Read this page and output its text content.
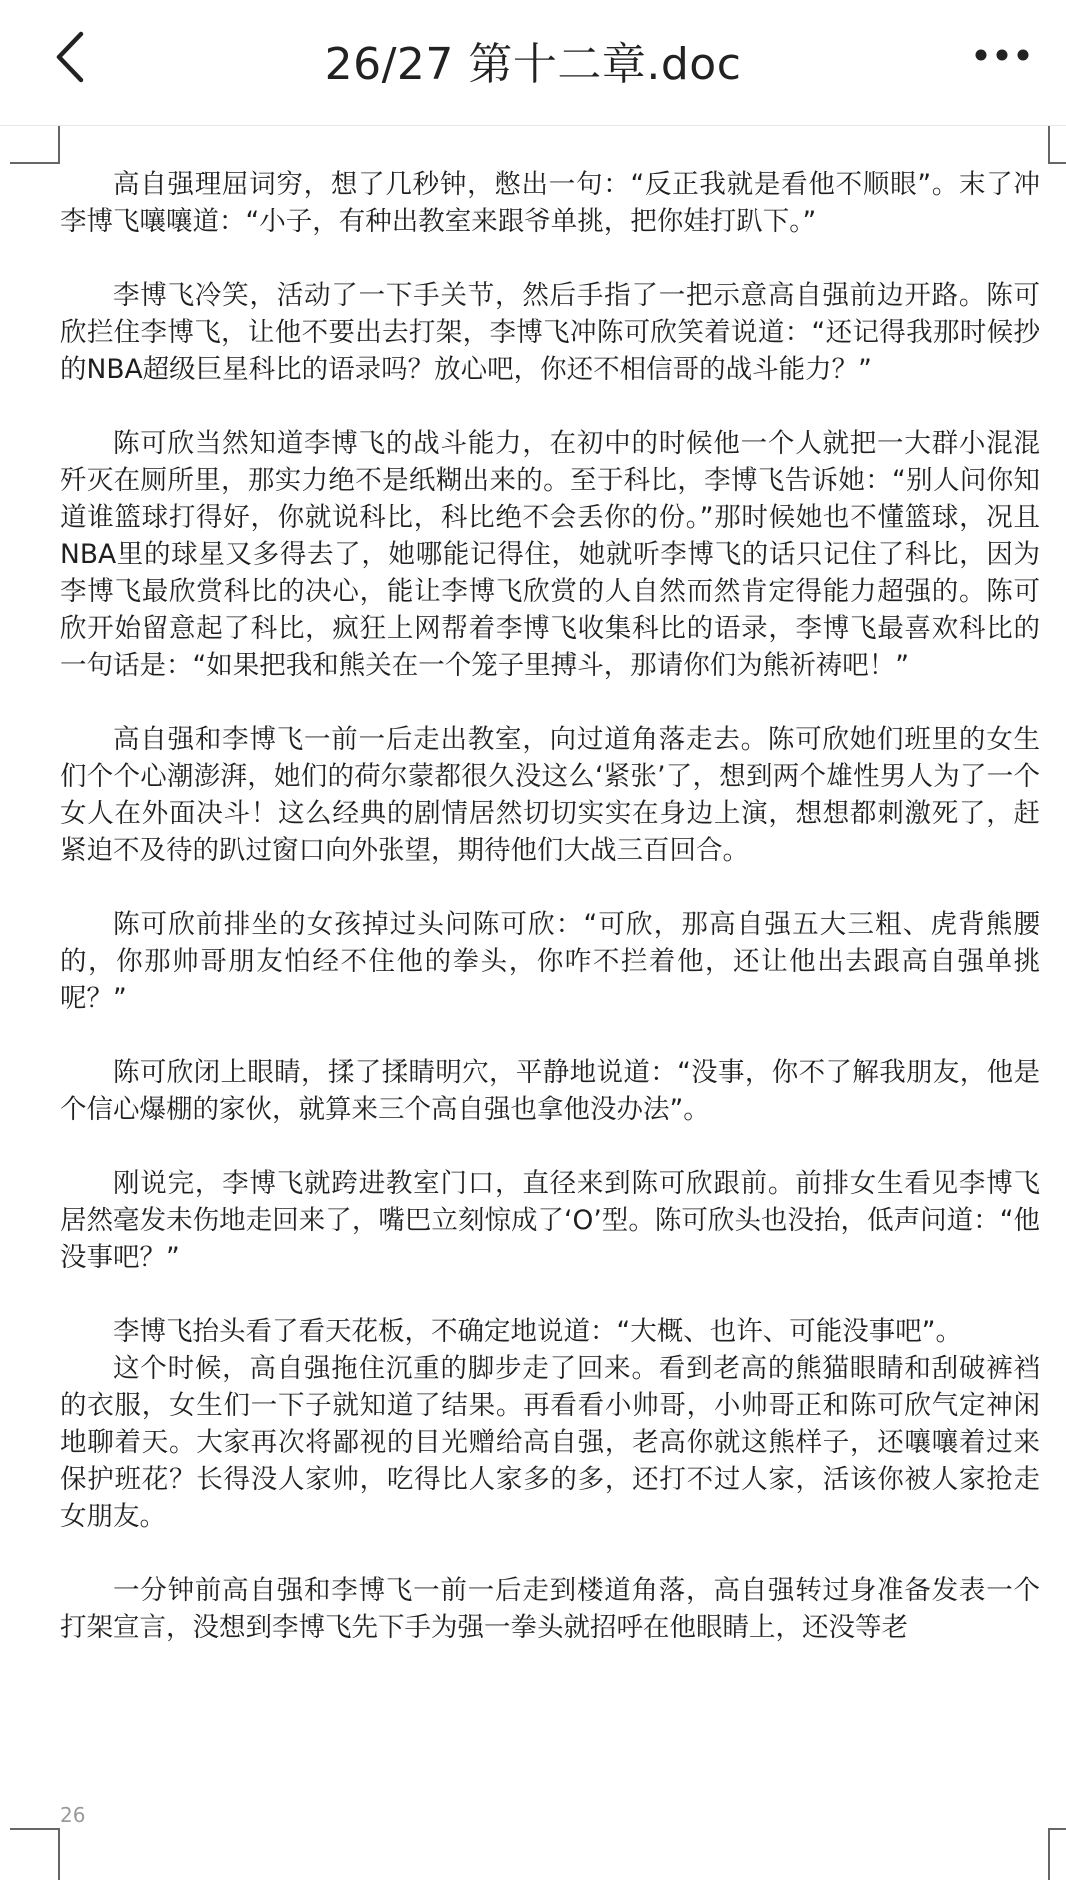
26/27 第十二章.doc

高自强理屈词穷，想了几秒钟，憋出一句：“反正我就是看他不顺眼”。末了冲李博飞嚷嚷道：“小子，有种出教室来跟爷单挑，把你娃打趴下。”

李博飞冷笑，活动了一下手关节，然后手指了一把示意高自强前边开路。陈可欣拦住李博飞，让他不要出去打架，李博飞冲陈可欣笑着说道：“还记得我那时候抄的NBA超级巨星科比的语录吗？放心吧，你还不相信哥的战斗能力？”

陈可欣当然知道李博飞的战斗能力，在初中的时候他一个人就把一大群小混混歼灭在厕所里，那实力绝不是纸糊出来的。至于科比，李博飞告诉她：“别人问你知道谁篮球打得好，你就说科比，科比绝不会丢你的份。”那时候她也不懂篮球，况且NBA里的球星又多得去了，她哪能记得住，她就听李博飞的话只记住了科比，因为李博飞最欣赏科比的决心，能让李博飞欣赏的人自然而然肯定得能力超强的。陈可欣开始留意起了科比，疯狂上网帮着李博飞收集科比的语录，李博飞最喜欢科比的一句话是：“如果把我和熊关在一个笼子里搏斗，那请你们为熊祈祷吧！”

高自强和李博飞一前一后走出教室，向过道角落走去。陈可欣她们班里的女生们个个心潮澎湃，她们的荷尔蒙都很久没这么‘紧张’了，想到两个雄性男人为了一个女人在外面决斗！这么经典的剧情居然切切实实在身边上演，想想都刺激死了，赶紧迫不及待的趴过窗口向外张望，期待他们大战三百回合。

陈可欣前排坐的女孩掉过头问陈可欣：“可欣，那高自强五大三粗、虎背熊腰的，你那帅哥朋友怕经不住他的拳头，你咋不拦着他，还让他出去跟高自强单挑呢？”

陈可欣闭上眼睛，揉了揉睛明穴，平静地说道：“没事，你不了解我朋友，他是个信心爆棚的家伙，就算来三个高自强也拿他没办法”。

刚说完，李博飞就跨进教室门口，直径来到陈可欣跟前。前排女生看见李博飞居然毫发未伤地走回来了，嘴巴立刻惊成了‘O’型。陈可欣头也没抬，低声问道：“他没事吧？”

李博飞抬头看了看天花板，不确定地说道：“大概、也许、可能没事吧”。

这个时候，高自强拖住沉重的脚步走了回来。看到老高的熊猫眼睛和刮破裤裆的衣服，女生们一下子就知道了结果。再看看小帅哥，小帅哥正和陈可欣气定神闲地聊着天。大家再次将鄙视的目光赠给高自强，老高你就这熊样子，还嚷嚷着过来保护班花？长得没人家帅，吃得比人家多的多，还打不过人家，活该你被人家抢走女朋友。

一分钟前高自强和李博飞一前一后走到楼道角落，高自强转过身准备发表一个打架宣言，没想到李博飞先下手为强一拳头就招呼在他眼睛上，还没等老

26
